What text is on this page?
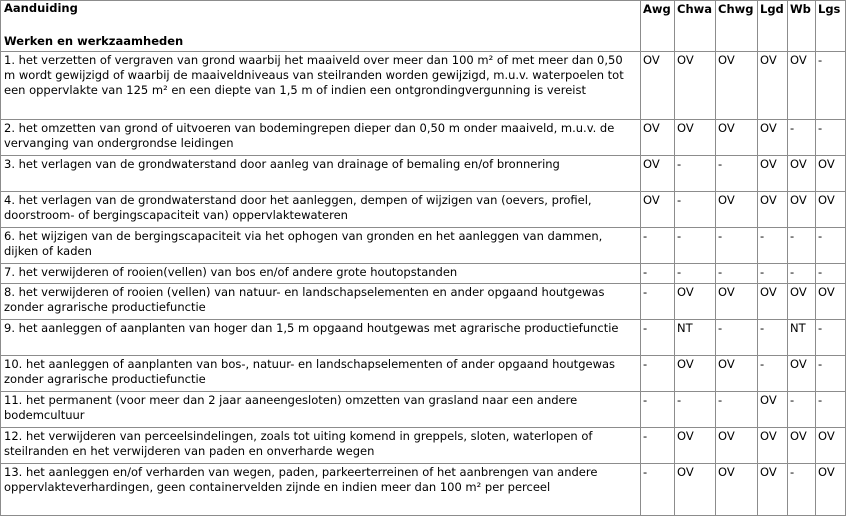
Aanduiding
Werken en werkzaamheden	Awg	Chwa	Chwg	Lgd	Wb	Lgs
1. het verzetten of vergraven van grond waarbij het maaiveld over meer dan 100 m² of met meer dan 0,50 m wordt gewijzigd of waarbij de maaiveldniveaus van steilranden worden gewijzigd, m.u.v. waterpoelen tot een oppervlakte van 125 m² en een diepte van 1,5 m of indien een ontgrondingvergunning is vereist	OV	OV	OV	OV	OV	-
2. het omzetten van grond of uitvoeren van bodemingrepen dieper dan 0,50 m onder maaiveld, m.u.v. de vervanging van ondergrondse leidingen	OV	OV	OV	OV	-	-
3. het verlagen van de grondwaterstand door aanleg van drainage of bemaling en/of bronnering	OV	-	-	OV	OV	OV
4. het verlagen van de grondwaterstand door het aanleggen, dempen of wijzigen van (oevers, profiel, doorstroom- of bergingscapaciteit van) oppervlaktewateren	OV	-	OV	OV	OV	OV
6. het wijzigen van de bergingscapaciteit via het ophogen van gronden en het aanleggen van dammen, dijken of kaden	-	-	-	-	-	-
7. het verwijderen of rooien(vellen) van bos en/of andere grote houtopstanden	-	-	-	-	-	-
8. het verwijderen of rooien (vellen) van natuur- en landschapselementen en ander opgaand houtgewas zonder agrarische productiefunctie	-	OV	OV	OV	OV	OV
9. het aanleggen of aanplanten van hoger dan 1,5 m opgaand houtgewas met agrarische productiefunctie	-	NT	-	-	NT	-
10. het aanleggen of aanplanten van bos-, natuur- en landschapselementen of ander opgaand houtgewas zonder agrarische productiefunctie	-	OV	OV	-	OV	-
11. het permanent (voor meer dan 2 jaar aaneengesloten) omzetten van grasland naar een andere bodemcultuur	-	-	-	OV	-	-
12. het verwijderen van perceelsindelingen, zoals tot uiting komend in greppels, sloten, waterlopen of steilranden en het verwijderen van paden en onverharde wegen	-	OV	OV	OV	OV	OV
13. het aanleggen en/of verharden van wegen, paden, parkeerterreinen of het aanbrengen van andere oppervlakteverhardingen, geen containervelden zijnde en indien meer dan 100 m² per perceel	-	OV	OV	OV	-	OV
